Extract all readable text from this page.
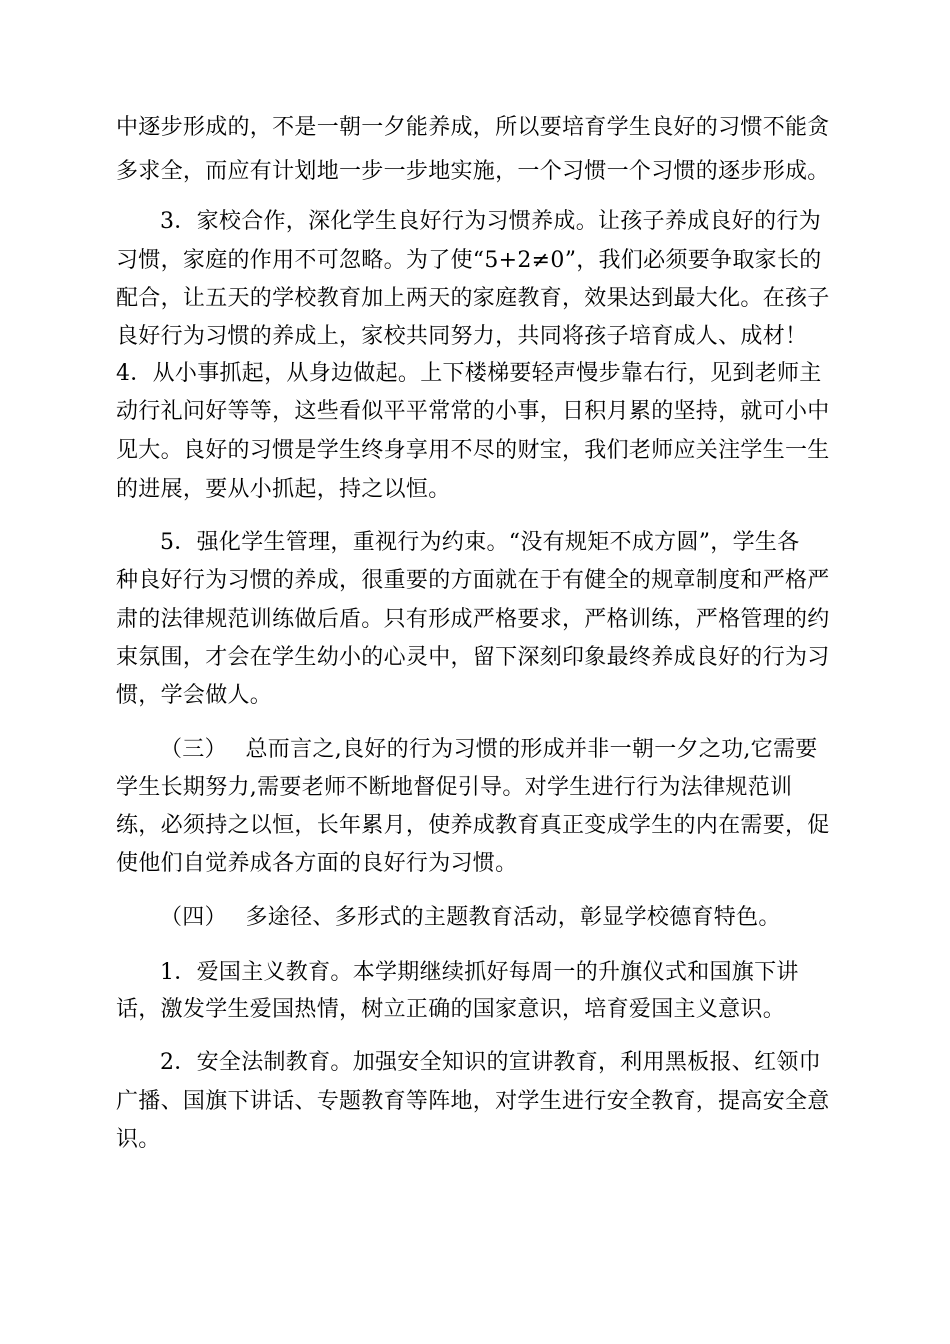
中逐步形成的，不是一朝一夕能养成，所以要培育学生良好的习惯不能贪
多求全，而应有计划地一步一步地实施，一个习惯一个习惯的逐步形成。
3．家校合作，深化学生良好行为习惯养成。让孩子养成良好的行为
习惯，家庭的作用不可忽略。为了使“5+2≠0”，我们必须要争取家长的
配合，让五天的学校教育加上两天的家庭教育，效果达到最大化。在孩子
良好行为习惯的养成上，家校共同努力，共同将孩子培育成人、成材！
4．从小事抓起，从身边做起。上下楼梯要轻声慢步靠右行，见到老师主
动行礼问好等等，这些看似平平常常的小事，日积月累的坚持，就可小中
见大。良好的习惯是学生终身享用不尽的财宝，我们老师应关注学生一生
的进展，要从小抓起，持之以恒。
5．强化学生管理，重视行为约束。“没有规矩不成方圆”，学生各
种良好行为习惯的养成，很重要的方面就在于有健全的规章制度和严格严
肃的法律规范训练做后盾。只有形成严格要求，严格训练，严格管理的约
束氛围，才会在学生幼小的心灵中，留下深刻印象最终养成良好的行为习
惯，学会做人。
（三）　 总而言之,良好的行为习惯的形成并非一朝一夕之功,它需要
学生长期努力,需要老师不断地督促引导。对学生进行行为法律规范训
练，必须持之以恒，长年累月，使养成教育真正变成学生的内在需要，促
使他们自觉养成各方面的良好行为习惯。
（四）　 多途径、多形式的主题教育活动，彰显学校德育特色。
1．爱国主义教育。本学期继续抓好每周一的升旗仪式和国旗下讲
话，激发学生爱国热情，树立正确的国家意识，培育爱国主义意识。
2．安全法制教育。加强安全知识的宣讲教育，利用黑板报、红领巾
广播、国旗下讲话、专题教育等阵地，对学生进行安全教育，提高安全意
识。
